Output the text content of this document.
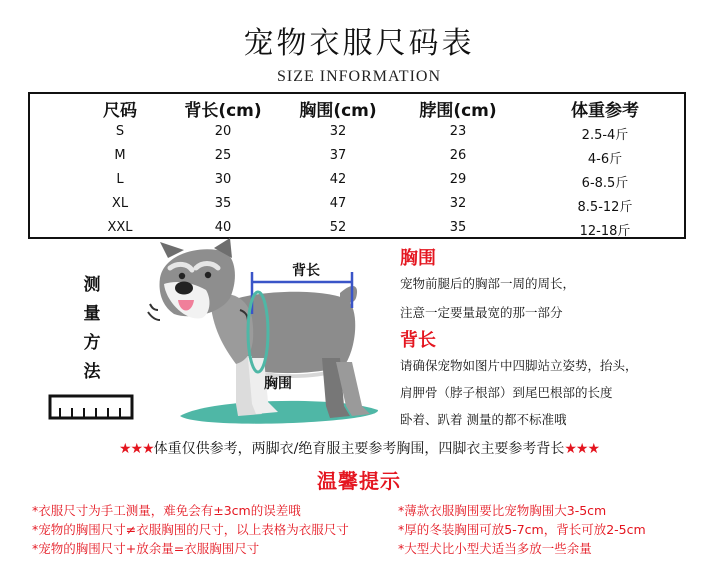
宠物衣服尺码表
SIZE INFORMATION
尺码	背长(cm)	胸围(cm)	脖围(cm)	体重参考
S	20	32	23	2.5-4斤
M	25	37	26	4-6斤
L	30	42	29	6-8.5斤
XL	35	47	32	8.5-12斤
XXL	40	52	35	12-18斤
测
量
方
法
背长
胸围
胸围
宠物前腿后的胸部一周的周长，
注意一定要量最宽的那一部分
背长
请确保宠物如图片中四脚站立姿势，抬头，
肩胛骨（脖子根部）到尾巴根部的长度
卧着、趴着 测量的都不标准哦
★★★体重仅供参考，两脚衣/绝育服主要参考胸围，四脚衣主要参考背长★★★
温馨提示
*衣服尺寸为手工测量，难免会有±3cm的误差哦
*宠物的胸围尺寸≠衣服胸围的尺寸，以上表格为衣服尺寸
*宠物的胸围尺寸+放余量=衣服胸围尺寸
*薄款衣服胸围要比宠物胸围大3-5cm
*厚的冬装胸围可放5-7cm，背长可放2-5cm
*大型犬比小型犬适当多放一些余量
